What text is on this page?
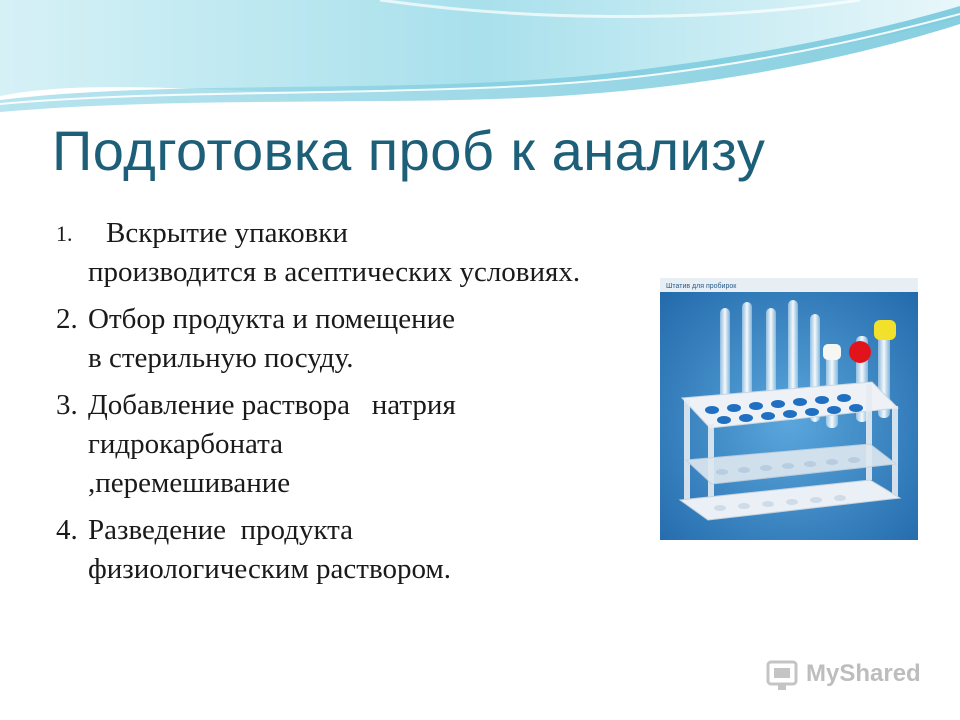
Подготовка проб к анализу
1. Вскрытие упаковки
производится в асептических условиях.
2. Отбор продукта и помещение
в стерильную посуду.
3. Добавление раствора   натрия
гидрокарбоната ,перемешивание
4. Разведение  продукта
физиологическим раствором.
Штатив для пробирок
MyShared
